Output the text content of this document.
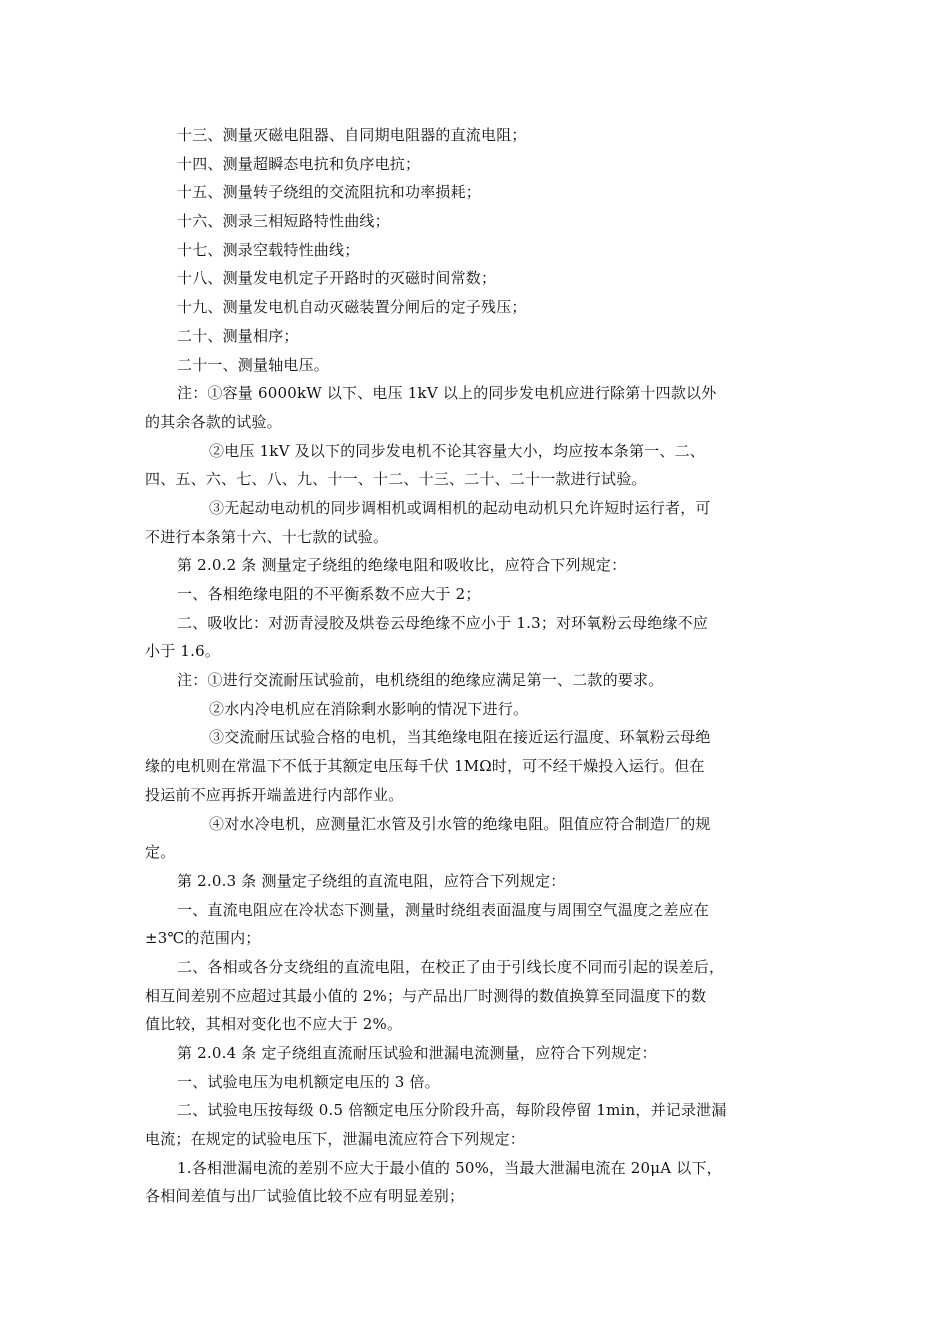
十三、测量灭磁电阻器、自同期电阻器的直流电阻；
十四、测量超瞬态电抗和负序电抗；
十五、测量转子绕组的交流阻抗和功率损耗；
十六、测录三相短路特性曲线；
十七、测录空载特性曲线；
十八、测量发电机定子开路时的灭磁时间常数；
十九、测量发电机自动灭磁装置分闸后的定子残压；
二十、测量相序；
二十一、测量轴电压。
注：①容量 6000kW 以下、电压 1kV 以上的同步发电机应进行除第十四款以外
的其余各款的试验。
②电压 1kV 及以下的同步发电机不论其容量大小，均应按本条第一、二、
四、五、六、七、八、九、十一、十二、十三、二十、二十一款进行试验。
③无起动电动机的同步调相机或调相机的起动电动机只允许短时运行者，可
不进行本条第十六、十七款的试验。
第 2.0.2 条 测量定子绕组的绝缘电阻和吸收比，应符合下列规定：
一、各相绝缘电阻的不平衡系数不应大于 2；
二、吸收比：对沥青浸胶及烘卷云母绝缘不应小于 1.3；对环氧粉云母绝缘不应
小于 1.6。
注：①进行交流耐压试验前，电机绕组的绝缘应满足第一、二款的要求。
②水内冷电机应在消除剩水影响的情况下进行。
③交流耐压试验合格的电机，当其绝缘电阻在接近运行温度、环氧粉云母绝
缘的电机则在常温下不低于其额定电压每千伏 1MΩ时，可不经干燥投入运行。但在
投运前不应再拆开端盖进行内部作业。
④对水冷电机，应测量汇水管及引水管的绝缘电阻。阻值应符合制造厂的规
定。
第 2.0.3 条 测量定子绕组的直流电阻，应符合下列规定：
一、直流电阻应在冷状态下测量，测量时绕组表面温度与周围空气温度之差应在
±3℃的范围内；
二、各相或各分支绕组的直流电阻，在校正了由于引线长度不同而引起的误差后，
相互间差别不应超过其最小值的 2%；与产品出厂时测得的数值换算至同温度下的数
值比较，其相对变化也不应大于 2%。
第 2.0.4 条 定子绕组直流耐压试验和泄漏电流测量，应符合下列规定：
一、试验电压为电机额定电压的 3 倍。
二、试验电压按每级 0.5 倍额定电压分阶段升高，每阶段停留 1min，并记录泄漏
电流；在规定的试验电压下，泄漏电流应符合下列规定：
1.各相泄漏电流的差别不应大于最小值的 50%，当最大泄漏电流在 20μA 以下，
各相间差值与出厂试验值比较不应有明显差别；
